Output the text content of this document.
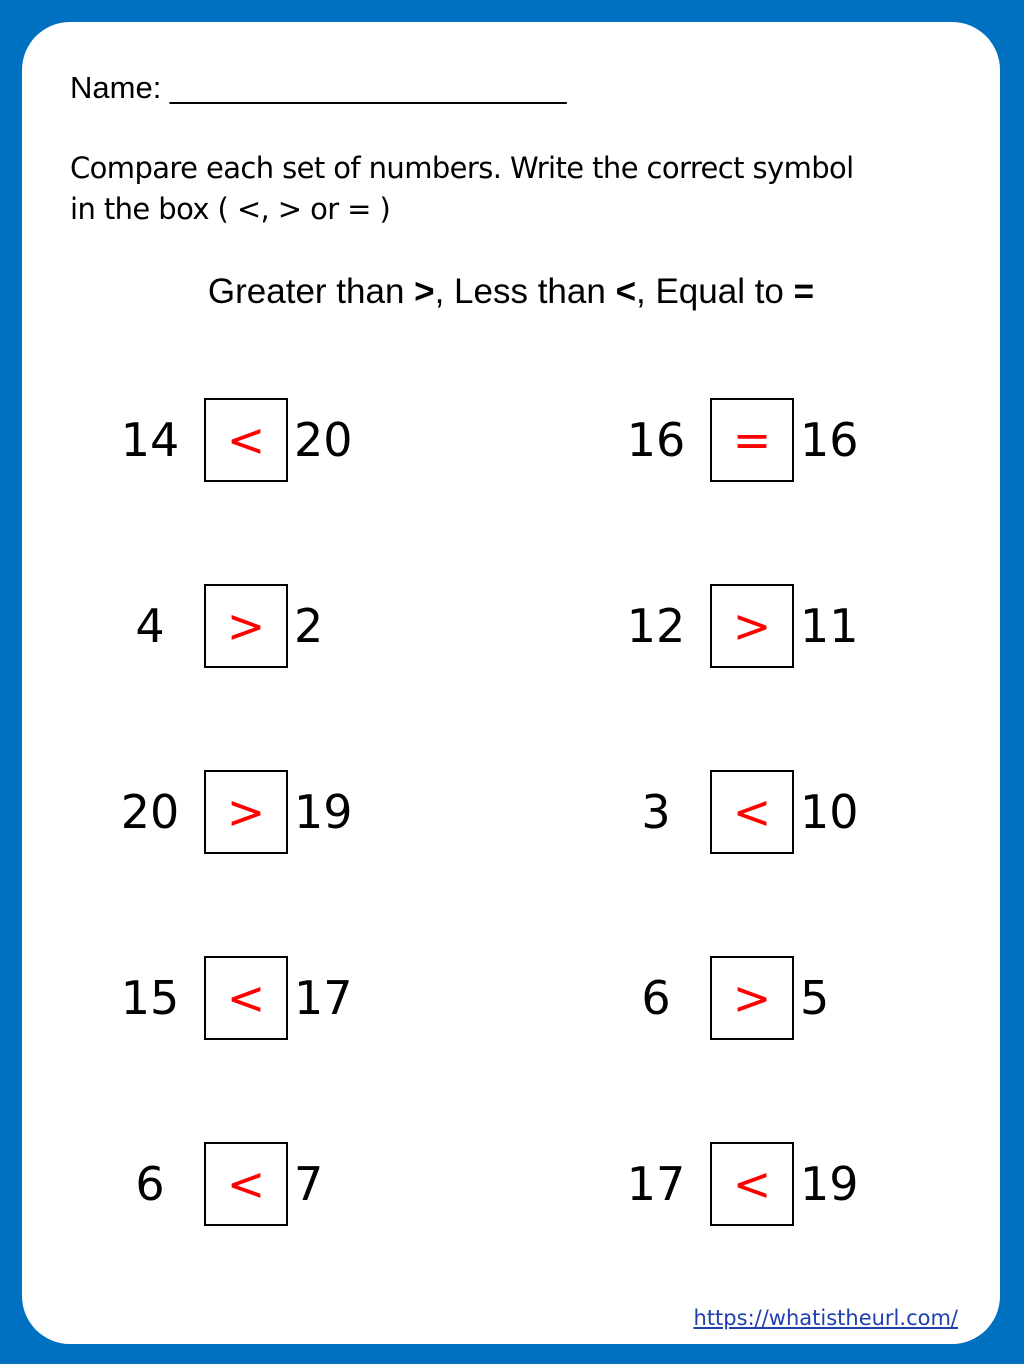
Name: _______________________
Compare each set of numbers. Write the correct symbol
in the box ( <, > or = )
Greater than >, Less than <, Equal to =
14	< 20	16	= 16
4	> 2	12	> 11
20	> 19	3	< 10
15	< 17	6	> 5
6	< 7	17	< 19
https://whatistheurl.com/
